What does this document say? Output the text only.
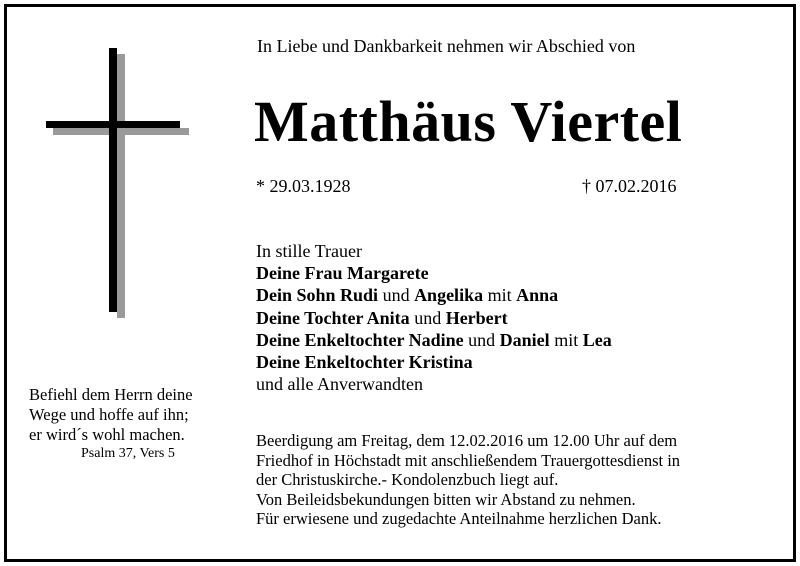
In Liebe und Dankbarkeit nehmen wir Abschied von
Matthäus Viertel
* 29.03.1928	† 07.02.2016
In stille Trauer
Deine Frau Margarete
Dein Sohn Rudi und Angelika mit Anna
Deine Tochter Anita und Herbert
Deine Enkeltochter Nadine und Daniel mit Lea
Deine Enkeltochter Kristina
und alle Anverwandten
Befiehl dem Herrn deine
Wege und hoffe auf ihn;
er wird´s wohl machen.
Psalm 37, Vers 5
Beerdigung am Freitag, dem 12.02.2016 um 12.00 Uhr auf dem
Friedhof in Höchstadt mit anschließendem Trauergottesdienst in
der Christuskirche.- Kondolenzbuch liegt auf.
Von Beileidsbekundungen bitten wir Abstand zu nehmen.
Für erwiesene und zugedachte Anteilnahme herzlichen Dank.
